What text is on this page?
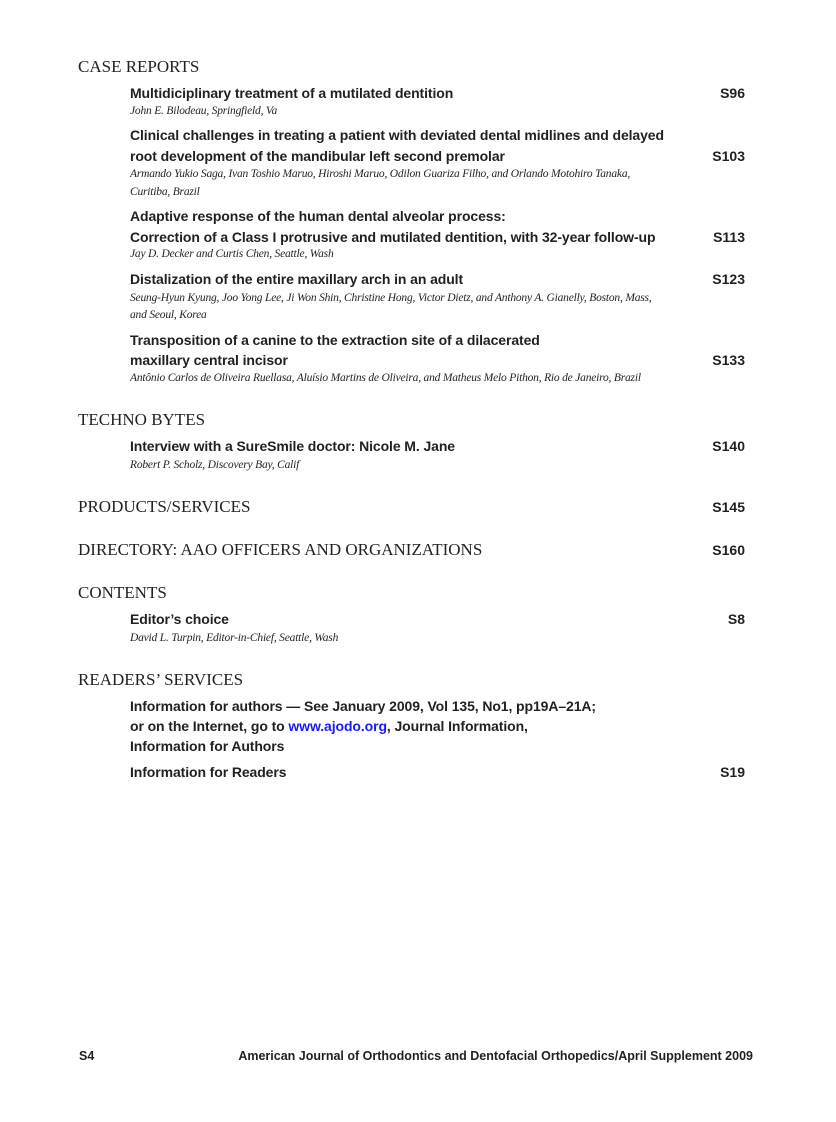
CASE REPORTS
Multidiciplinary treatment of a mutilated dentition	S96
John E. Bilodeau, Springfield, Va
Clinical challenges in treating a patient with deviated dental midlines and delayed
root development of the mandibular left second premolar	S103
Armando Yukio Saga, Ivan Toshio Maruo, Hiroshi Maruo, Odilon Guariza Filho, and Orlando Motohiro Tanaka,
Curitiba, Brazil
Adaptive response of the human dental alveolar process:
Correction of a Class I protrusive and mutilated dentition, with 32-year follow-up	S113
Jay D. Decker and Curtis Chen, Seattle, Wash
Distalization of the entire maxillary arch in an adult	S123
Seung-Hyun Kyung, Joo Yong Lee, Ji Won Shin, Christine Hong, Victor Dietz, and Anthony A. Gianelly, Boston, Mass,
and Seoul, Korea
Transposition of a canine to the extraction site of a dilacerated
maxillary central incisor	S133
Antônio Carlos de Oliveira Ruellasa, Aluísio Martins de Oliveira, and Matheus Melo Pithon, Rio de Janeiro, Brazil
TECHNO BYTES
Interview with a SureSmile doctor: Nicole M. Jane	S140
Robert P. Scholz, Discovery Bay, Calif
PRODUCTS/SERVICES	S145
DIRECTORY: AAO OFFICERS AND ORGANIZATIONS	S160
CONTENTS
Editor’s choice	S8
David L. Turpin, Editor-in-Chief, Seattle, Wash
READERS’ SERVICES
Information for authors — See January 2009, Vol 135, No1, pp19A–21A;
or on the Internet, go to www.ajodo.org, Journal Information,
Information for Authors
Information for Readers	S19
S4	American Journal of Orthodontics and Dentofacial Orthopedics/April Supplement 2009
